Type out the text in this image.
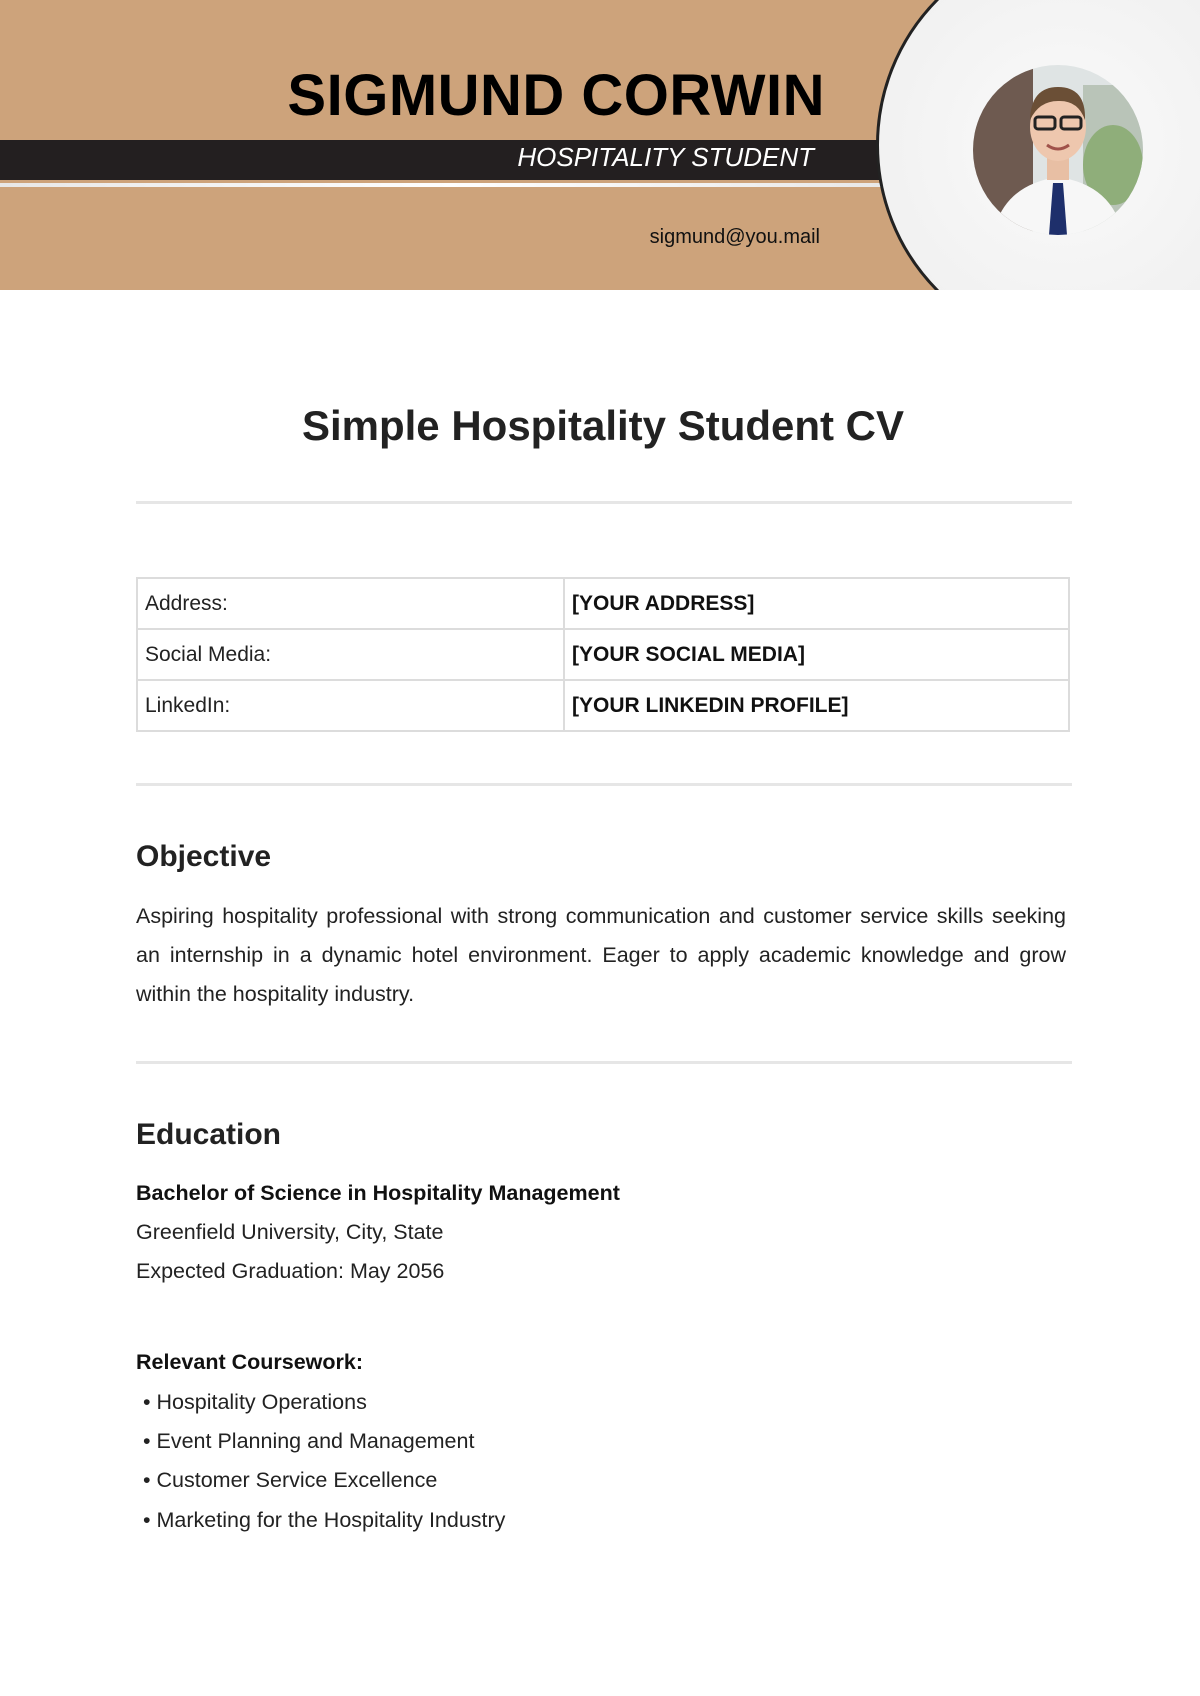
SIGMUND CORWIN
HOSPITALITY STUDENT
sigmund@you.mail
Simple Hospitality Student CV
Address:	[YOUR ADDRESS]
Social Media:	[YOUR SOCIAL MEDIA]
LinkedIn:	[YOUR LINKEDIN PROFILE]
Objective
Aspiring hospitality professional with strong communication and customer service skills seeking an internship in a dynamic hotel environment. Eager to apply academic knowledge and grow within the hospitality industry.
Education
Bachelor of Science in Hospitality Management
Greenfield University, City, State
Expected Graduation: May 2056
Relevant Coursework:
• Hospitality Operations
• Event Planning and Management
• Customer Service Excellence
• Marketing for the Hospitality Industry
